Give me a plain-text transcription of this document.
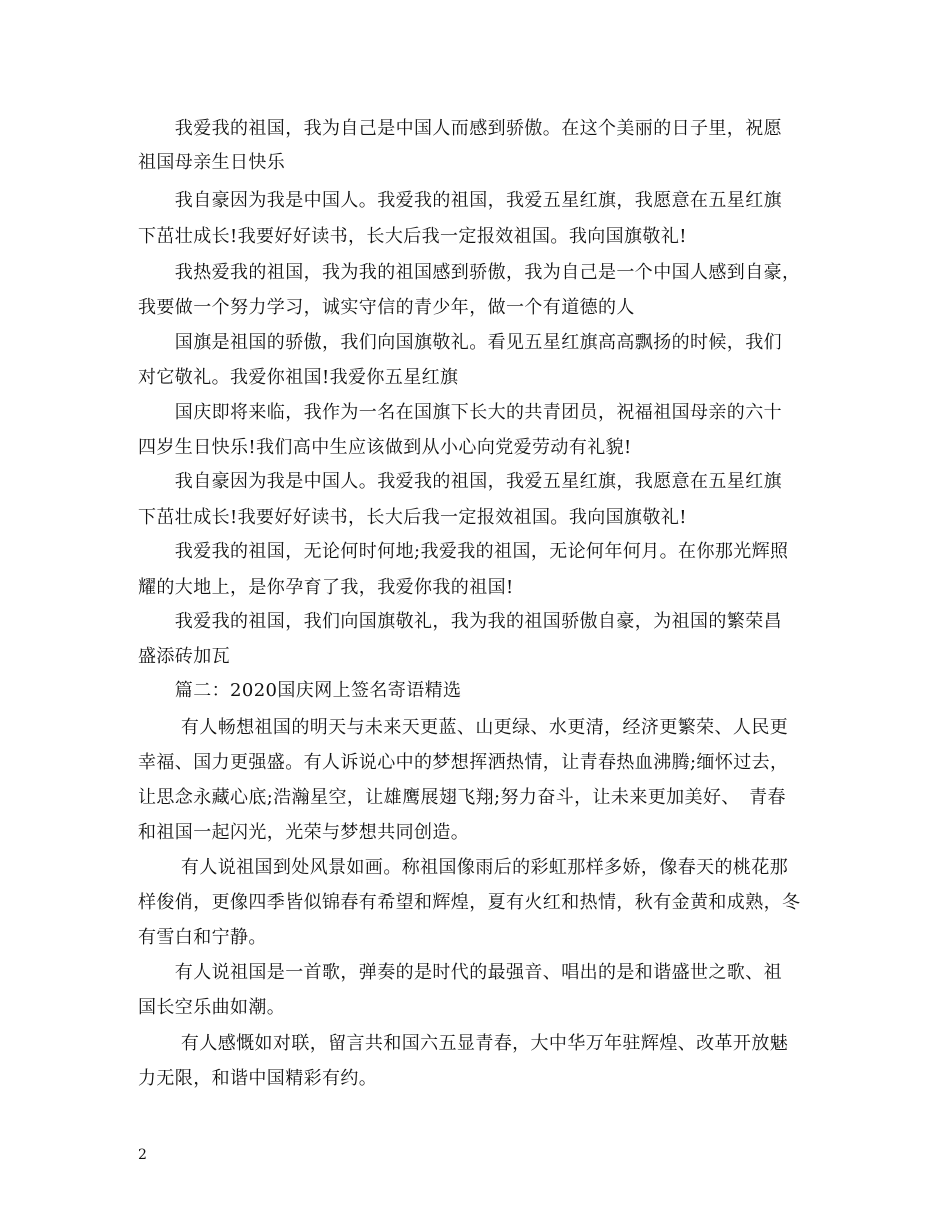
　　我爱我的祖国，我为自己是中国人而感到骄傲。在这个美丽的日子里，祝愿
祖国母亲生日快乐
　　我自豪因为我是中国人。我爱我的祖国，我爱五星红旗，我愿意在五星红旗
下茁壮成长!我要好好读书，长大后我一定报效祖国。我向国旗敬礼!
　　我热爱我的祖国，我为我的祖国感到骄傲，我为自己是一个中国人感到自豪，
我要做一个努力学习，诚实守信的青少年，做一个有道德的人
　　国旗是祖国的骄傲，我们向国旗敬礼。看见五星红旗高高飘扬的时候，我们
对它敬礼。我爱你祖国!我爱你五星红旗
　　国庆即将来临，我作为一名在国旗下长大的共青团员，祝福祖国母亲的六十
四岁生日快乐!我们高中生应该做到从小心向党爱劳动有礼貌!
　　我自豪因为我是中国人。我爱我的祖国，我爱五星红旗，我愿意在五星红旗
下茁壮成长!我要好好读书，长大后我一定报效祖国。我向国旗敬礼!
　　我爱我的祖国，无论何时何地;我爱我的祖国，无论何年何月。在你那光辉照
耀的大地上，是你孕育了我，我爱你我的祖国!
　　我爱我的祖国，我们向国旗敬礼，我为我的祖国骄傲自豪，为祖国的繁荣昌
盛添砖加瓦
　　篇二：2020国庆网上签名寄语精选
　　 有人畅想祖国的明天与未来天更蓝、山更绿、水更清，经济更繁荣、人民更
幸福、国力更强盛。有人诉说心中的梦想挥洒热情，让青春热血沸腾;缅怀过去，
让思念永藏心底;浩瀚星空，让雄鹰展翅飞翔;努力奋斗，让未来更加美好、　青春
和祖国一起闪光，光荣与梦想共同创造。
　　 有人说祖国到处风景如画。称祖国像雨后的彩虹那样多娇，像春天的桃花那
样俊俏，更像四季皆似锦春有希望和辉煌，夏有火红和热情，秋有金黄和成熟，冬
有雪白和宁静。
　　有人说祖国是一首歌，弹奏的是时代的最强音、唱出的是和谐盛世之歌、祖
国长空乐曲如潮。
　　 有人感慨如对联，留言共和国六五显青春，大中华万年驻辉煌、改革开放魅
力无限，和谐中国精彩有约。
2
